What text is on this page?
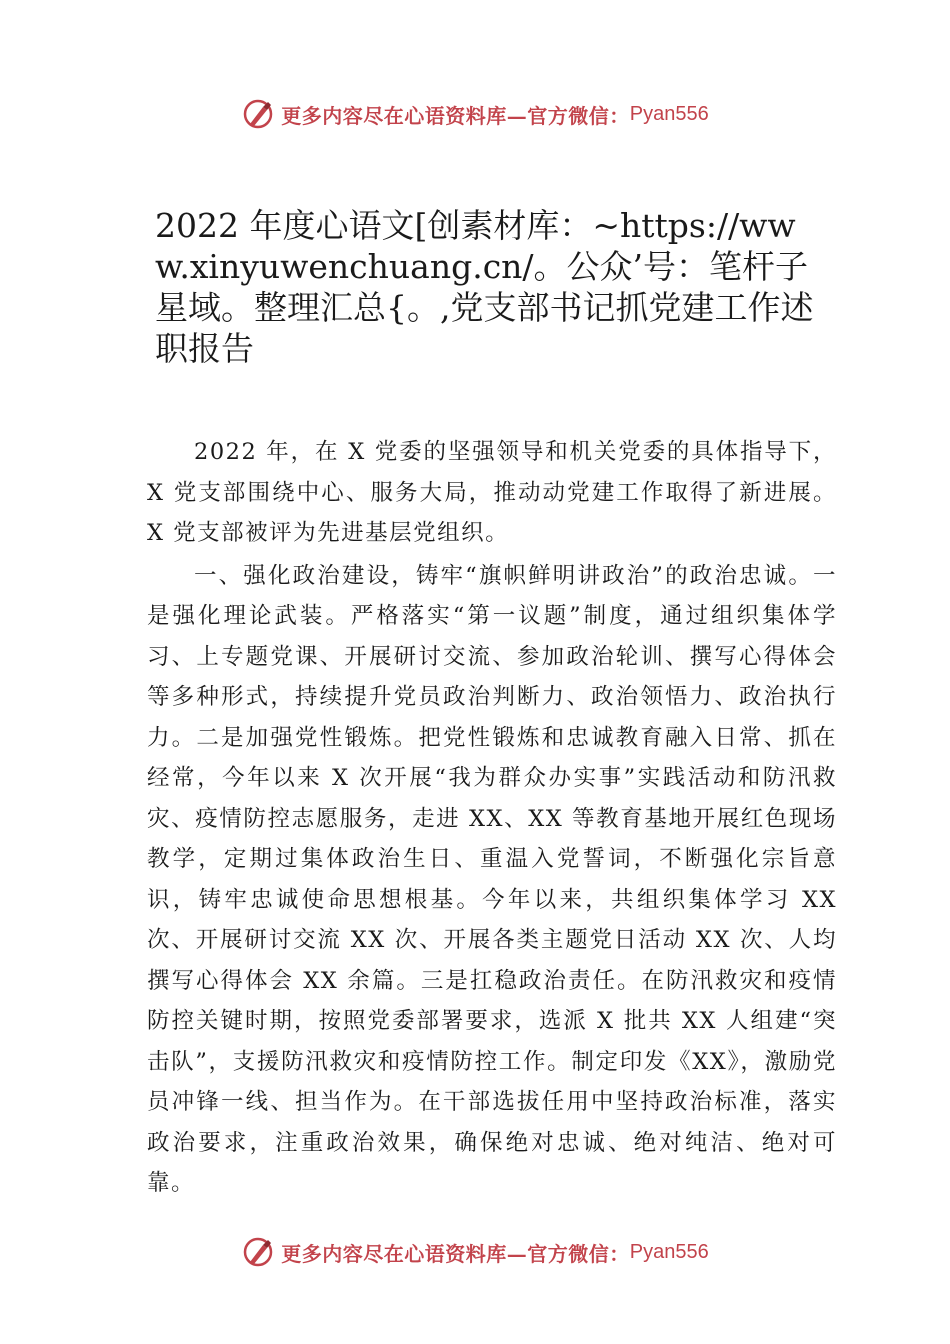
更多内容尽在心语资料库—官方微信： Pyan556
2022 年度心语文[创素材库：~https://www.xinyuwenchuang.cn/。公众’号：笔杆子星域。整理汇总{。,党支部书记抓党建工作述职报告

2022 年，在 X 党委的坚强领导和机关党委的具体指导下，X 党支部围绕中心、服务大局，推动动党建工作取得了新进展。X 党支部被评为先进基层党组织。

一、强化政治建设，铸牢“旗帜鲜明讲政治”的政治忠诚。一是强化理论武装。严格落实“第一议题”制度，通过组织集体学习、上专题党课、开展研讨交流、参加政治轮训、撰写心得体会等多种形式，持续提升党员政治判断力、政治领悟力、政治执行力。二是加强党性锻炼。把党性锻炼和忠诚教育融入日常、抓在经常，今年以来 X 次开展“我为群众办实事”实践活动和防汛救灾、疫情防控志愿服务，走进 XX、XX 等教育基地开展红色现场教学，定期过集体政治生日、重温入党誓词，不断强化宗旨意识，铸牢忠诚使命思想根基。今年以来，共组织集体学习 XX 次、开展研讨交流 XX 次、开展各类主题党日活动 XX 次、人均撰写心得体会 XX 余篇。三是扛稳政治责任。在防汛救灾和疫情防控关键时期，按照党委部署要求，选派 X 批共 XX 人组建“突击队”，支援防汛救灾和疫情防控工作。制定印发《XX》，激励党员冲锋一线、担当作为。在干部选拔任用中坚持政治标准，落实政治要求，注重政治效果，确保绝对忠诚、绝对纯洁、绝对可靠。

更多内容尽在心语资料库—官方微信： Pyan556
